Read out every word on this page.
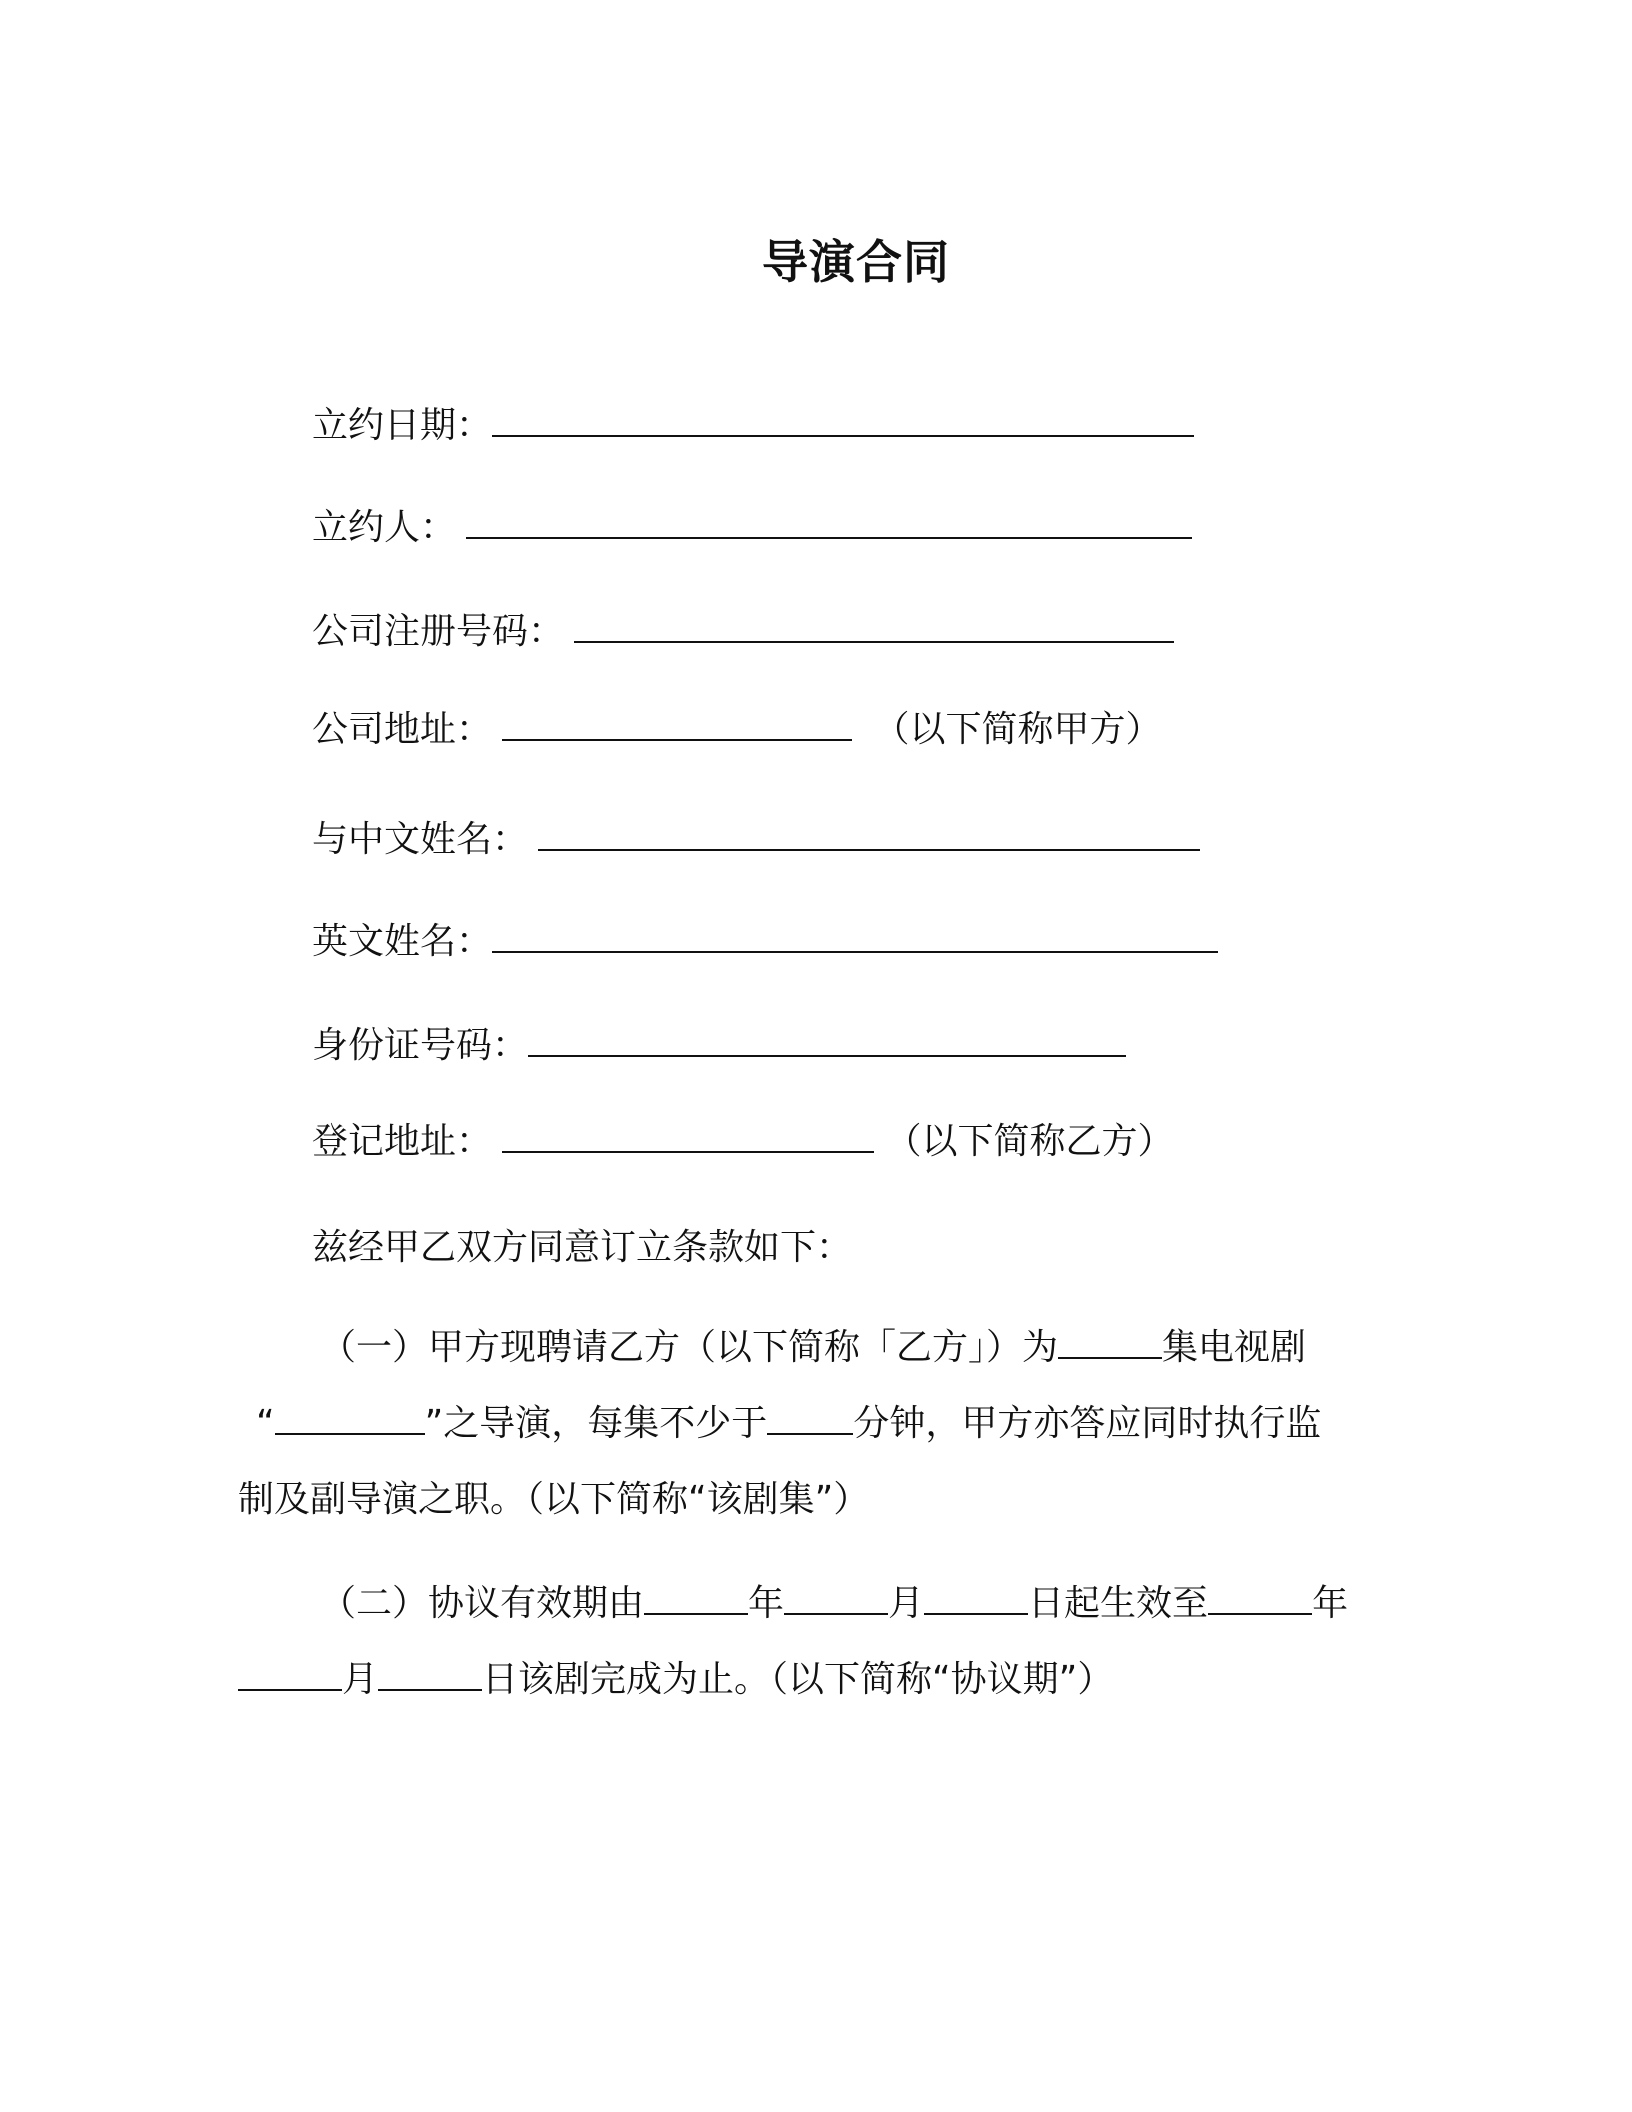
导演合同
立约日期：
立约人：
公司注册号码：
公司地址：	（以下简称甲方）
与中文姓名：
英文姓名：
身份证号码：
登记地址：	（以下简称乙方）
兹经甲乙双方同意订立条款如下：
（一）甲方现聘请乙方（以下简称「乙方」）为	集电视剧
“	”之导演，每集不少于 分钟，甲方亦答应同时执行监
制及副导演之职。（以下简称“该剧集”）
（二）协议有效期由	年	月	日起生效至	年
月	日该剧完成为止。（以下简称“协议期”）
